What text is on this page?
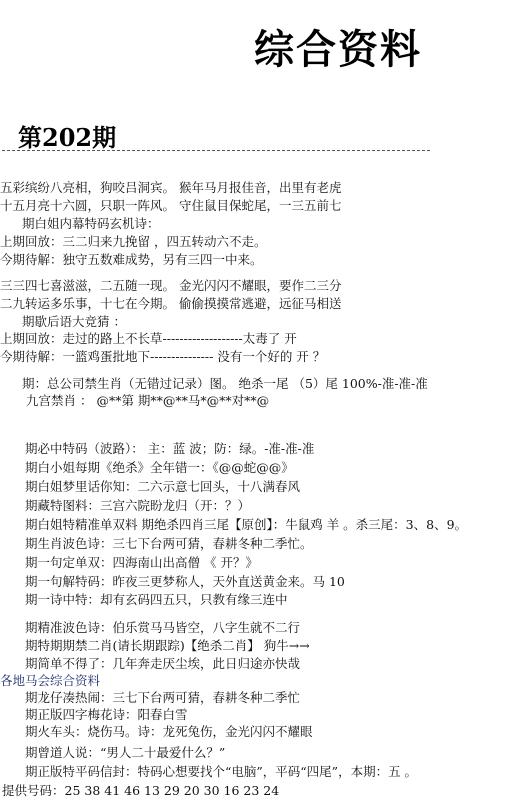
综合资料
第202期
五彩缤纷八亮相，狗咬吕洞宾。 猴年马月报佳音，出里有老虎
十五月亮十六圆，只职一阵风。 守住鼠目保蛇尾，一三五前七
期白姐内幕特码玄机诗：
上期回放：三二归来九挽留 ，四五转动六不走。
今期待解：独守五数难成势，另有三四一中来。
三三四七喜滋滋，二五随一现。 金光闪闪不耀眼，要作二三分
二九转运多乐事，十七在今期。 偷偷摸摸常逃避，远征马相送
期歇后语大竞猜 ：
上期回放：走过的路上不长草-------------------太毒了 开
今期待解：一篮鸡蛋批地下--------------- 没有一个好的 开 ？
期：总公司禁生肖（无错过记录）图。 绝杀一尾 （5）尾 100%-准-准-准
九宫禁肖 ： @**第 期**@**马*@**对**@
期必中特码（波路）： 主：蓝 波；防：绿。-准-准-准
期白小姐每期《绝杀》全年错一：《@@蛇@@》
期白姐梦里话你知：二六示意七回头，十八满春风
期藏特图料：三宫六院盼龙归（开：？）
期白姐特精准单双料 期绝杀四肖三尾【原创】：牛鼠鸡 羊 。杀三尾：3、8、9。
期生肖波色诗：三七下台两可猜，春耕冬种二季忙。
期一句定单双：四海南山出高僧 《 开？》
期一句解特码：昨夜三更梦称人，天外直送黄金来。马 10
期一诗中特：却有玄码四五只，只教有缘三连中
期精准波色诗：伯乐赏马马皆空，八字生就不二行
期特期期禁二肖(请长期跟踪)【绝杀二肖】 狗牛→→
期简单不得了：几年奔走厌尘埃，此日归途亦快哉
各地马会综合资料
期龙仔凑热闹：三七下台两可猜，春耕冬种二季忙
期正版四字梅花诗：阳春白雪
期火车头：烧伤马。诗：龙死兔伤，金光闪闪不耀眼
期曾道人说：“男人二十最爱什么？”
期正版特平码信封：特码心想要找个“电脑”，平码“四尾”，本期：五 。
提供号码：25 38 41 46 13 29 20 30 16 23 24
